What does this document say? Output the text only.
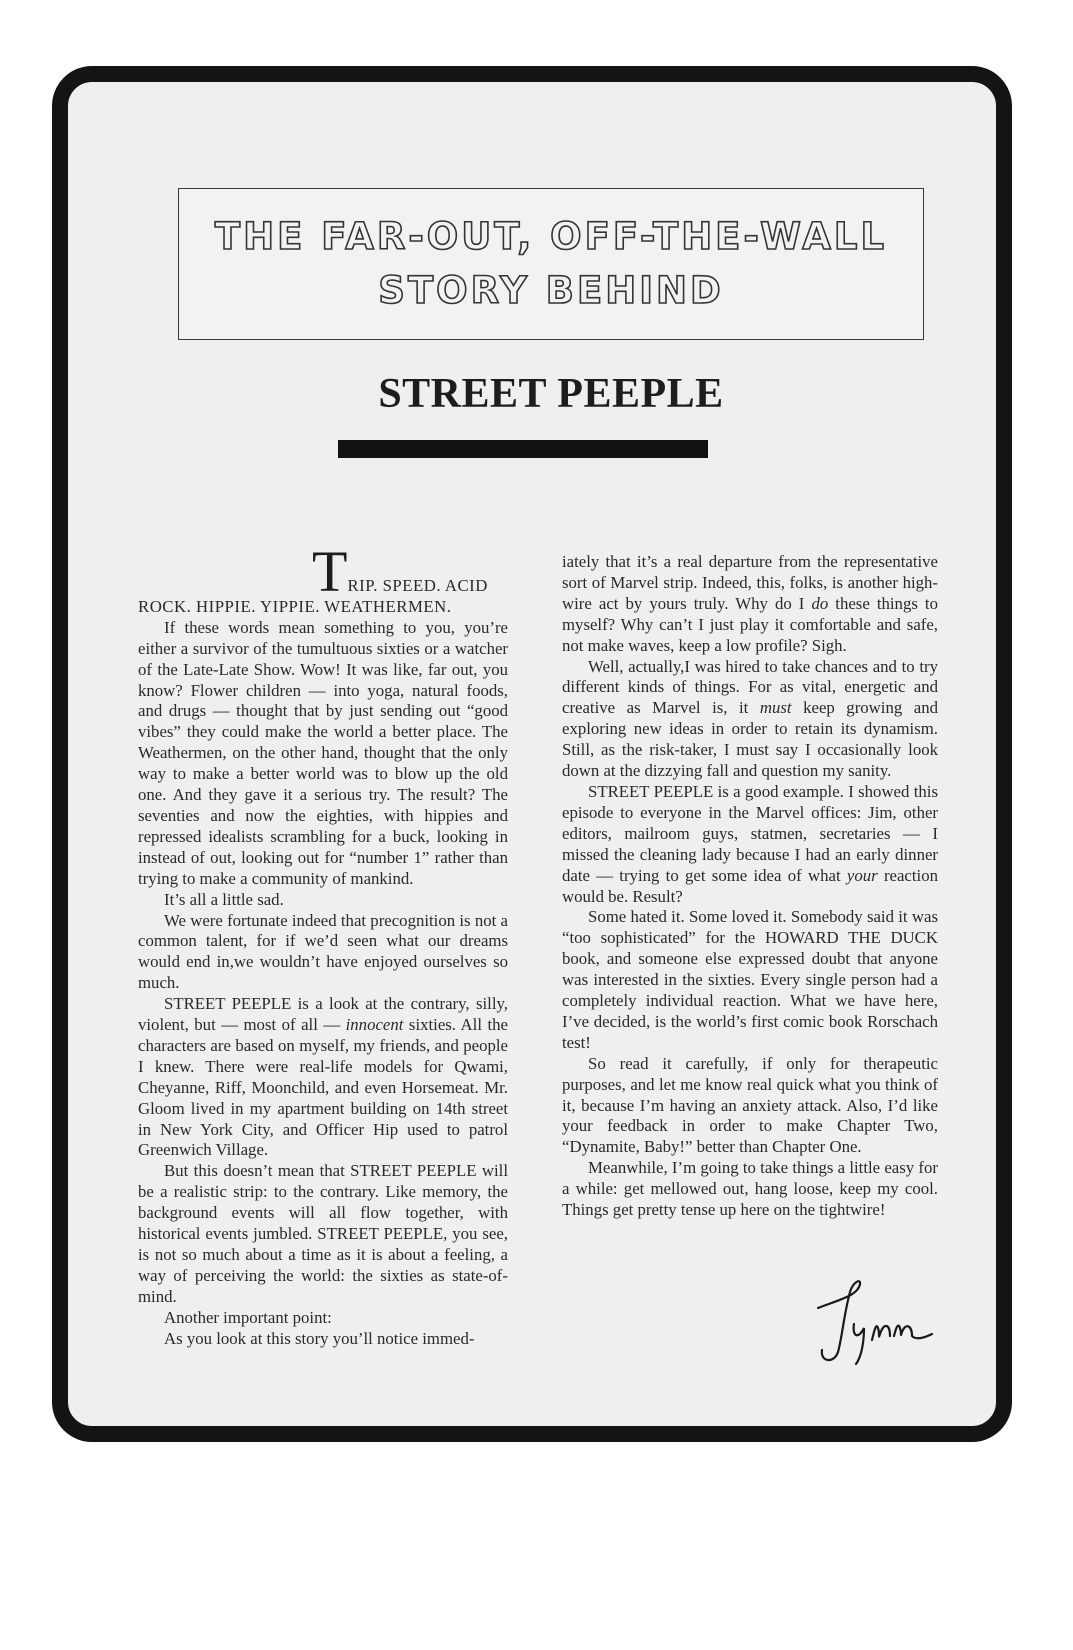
THE FAR-OUT, OFF-THE-WALL
STORY BEHIND
STREET PEEPLE

TRIP. SPEED. ACID
ROCK. HIPPIE. YIPPIE. WEATHERMEN.

If these words mean something to you, you’re either a survivor of the tumultuous sixties or a watcher of the Late-Late Show. Wow! It was like, far out, you know? Flower children — into yoga, natural foods, and drugs — thought that by just sending out “good vibes” they could make the world a better place. The Weathermen, on the other hand, thought that the only way to make a better world was to blow up the old one. And they gave it a serious try. The result? The seventies and now the eighties, with hippies and repressed idealists scrambling for a buck, looking in instead of out, looking out for “number 1” rather than trying to make a community of mankind.

It’s all a little sad.

We were fortunate indeed that precognition is not a common talent, for if we’d seen what our dreams would end in,we wouldn’t have enjoyed ourselves so much.

STREET PEEPLE is a look at the contrary, silly, violent, but — most of all — innocent sixties. All the characters are based on myself, my friends, and people I knew. There were real-life models for Qwami, Cheyanne, Riff, Moonchild, and even Horsemeat. Mr. Gloom lived in my apartment building on 14th street in New York City, and Officer Hip used to patrol Greenwich Village.

But this doesn’t mean that STREET PEEPLE will be a realistic strip: to the contrary. Like memory, the background events will all flow together, with historical events jumbled. STREET PEEPLE, you see, is not so much about a time as it is about a feeling, a way of perceiving the world: the sixties as state-of-mind.

Another important point:

As you look at this story you’ll notice immed-

iately that it’s a real departure from the representative sort of Marvel strip. Indeed, this, folks, is another high-wire act by yours truly. Why do I do these things to myself? Why can’t I just play it comfortable and safe, not make waves, keep a low profile? Sigh.

Well, actually,I was hired to take chances and to try different kinds of things. For as vital, energetic and creative as Marvel is, it must keep growing and exploring new ideas in order to retain its dynamism. Still, as the risk-taker, I must say I occasionally look down at the dizzying fall and question my sanity.

STREET PEEPLE is a good example. I showed this episode to everyone in the Marvel offices: Jim, other editors, mailroom guys, statmen, secretaries — I missed the cleaning lady because I had an early dinner date — trying to get some idea of what your reaction would be. Result?

Some hated it. Some loved it. Somebody said it was “too sophisticated” for the HOWARD THE DUCK book, and someone else expressed doubt that anyone was interested in the sixties. Every single person had a completely individual reaction. What we have here, I’ve decided, is the world’s first comic book Rorschach test!

So read it carefully, if only for therapeutic purposes, and let me know real quick what you think of it, because I’m having an anxiety attack. Also, I’d like your feedback in order to make Chapter Two, “Dynamite, Baby!” better than Chapter One.

Meanwhile, I’m going to take things a little easy for a while: get mellowed out, hang loose, keep my cool. Things get pretty tense up here on the tightwire!
